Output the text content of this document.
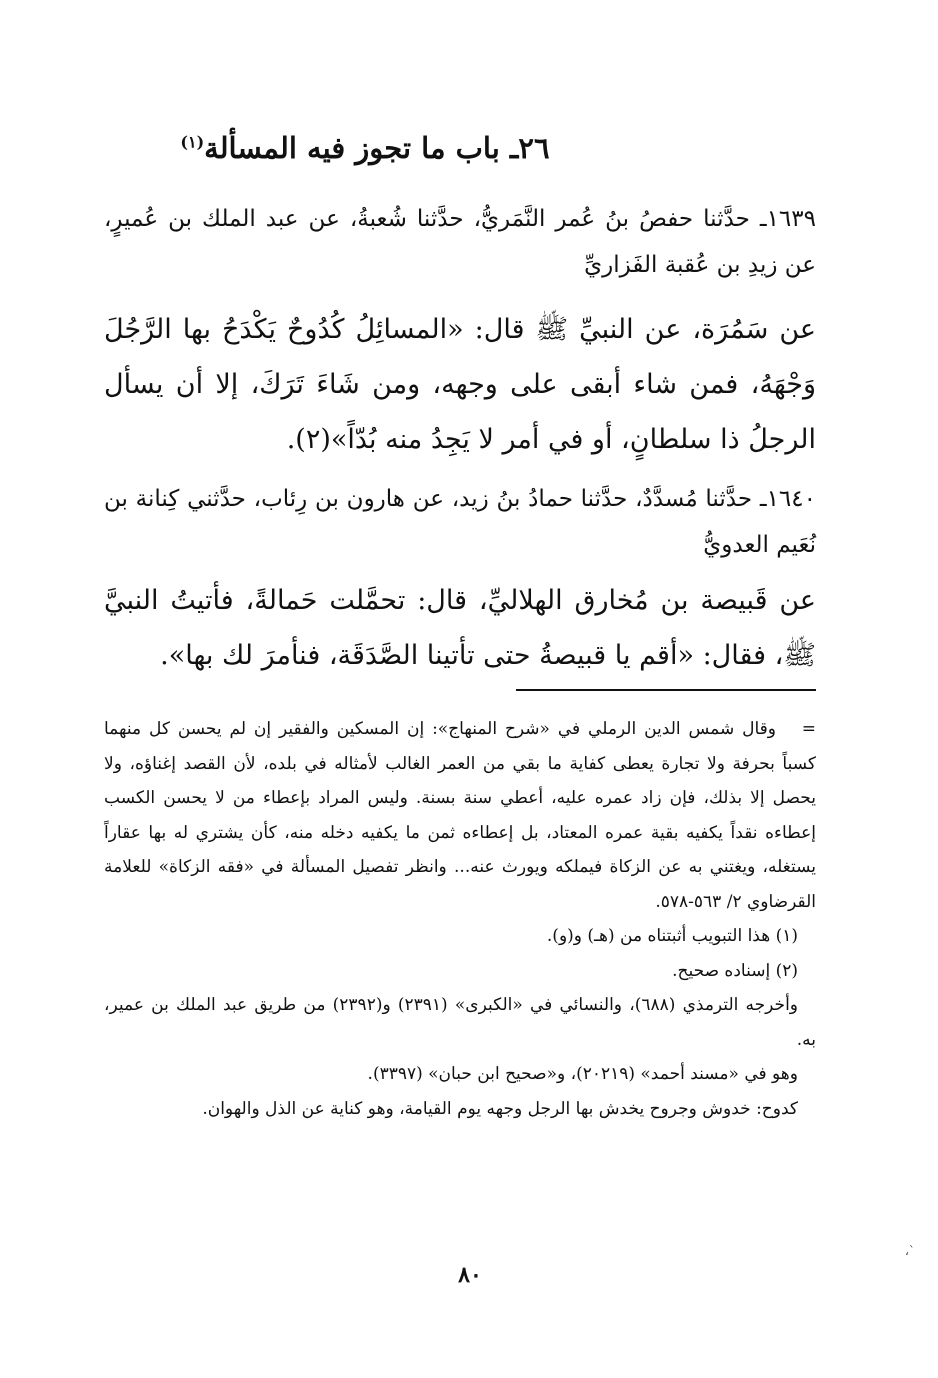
٢٦ـ باب ما تجوز فيه المسألة$^{(١)}$

١٦٣٩ـ حدَّثنا حفصُ بنُ عُمر النَّمَريُّ، حدَّثنا شُعبةُ، عن عبد الملك بن عُميرٍ، عن زيدِ بن عُقبة الفَزاريِّ

عن سَمُرَة، عن النبيِّ ﷺ قال: «المسائِلُ كُدُوحٌ يَكْدَحُ بها الرَّجُلَ وَجْهَهُ، فمن شاء أبقى على وجهه، ومن شَاءَ تَرَكَ، إلا أن يسأل الرجلُ ذا سلطانٍ، أو في أمر لا يَجِدُ منه بُدّاً»(٢).

١٦٤٠ـ حدَّثنا مُسدَّدٌ، حدَّثنا حمادُ بنُ زيد، عن هارون بن رِئاب، حدَّثني كِنانة بن نُعَيم العدويُّ

عن قَبيصة بن مُخارق الهلاليِّ، قال: تحمَّلت حَمالةً، فأتيتُ النبيَّ ﷺ، فقال: «أقم يا قبيصةُ حتى تأتينا الصَّدَقَة، فنأمرَ لك بها».

=

وقال شمس الدين الرملي في «شرح المنهاج»: إن المسكين والفقير إن لم يحسن كل منهما كسباً بحرفة ولا تجارة يعطى كفاية ما بقي من العمر الغالب لأمثاله في بلده، لأن القصد إغناؤه، ولا يحصل إلا بذلك، فإن زاد عمره عليه، أعطي سنة بسنة. وليس المراد بإعطاء من لا يحسن الكسب إعطاءه نقداً يكفيه بقية عمره المعتاد، بل إعطاءه ثمن ما يكفيه دخله منه، كأن يشتري له بها عقاراً يستغله، ويغتني به عن الزكاة فيملكه ويورث عنه... وانظر تفصيل المسألة في «فقه الزكاة» للعلامة القرضاوي ٢/ ٥٦٣-٥٧٨.

(١) هذا التبويب أثبتناه من (هـ) و(و).

(٢) إسناده صحيح.

وأخرجه الترمذي (٦٨٨)، والنسائي في «الكبرى» (٢٣٩١) و(٢٣٩٢) من طريق عبد الملك بن عمير، به.

وهو في «مسند أحمد» (٢٠٢١٩)، و«صحيح ابن حبان» (٣٣٩٧).

كدوح: خدوش وجروح يخدش بها الرجل وجهه يوم القيامة، وهو كناية عن الذل والهوان.

٨٠
،`
